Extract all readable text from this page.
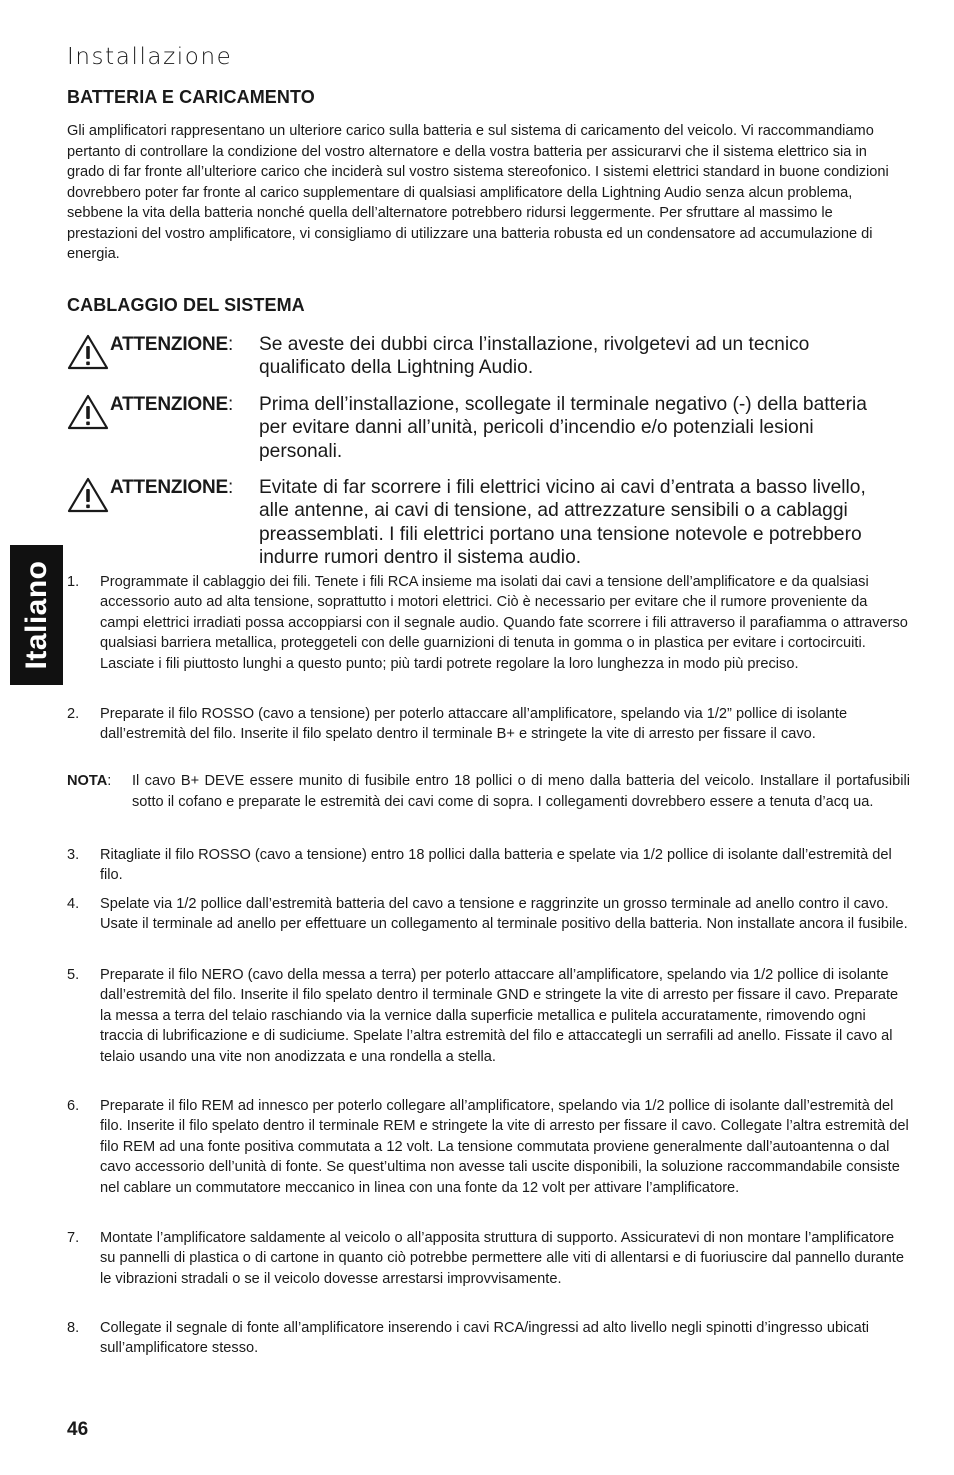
Installazione
BATTERIA E CARICAMENTO

Gli amplificatori rappresentano un ulteriore carico sulla batteria e sul sistema di caricamento del veicolo. Vi raccommandiamo pertanto di controllare la condizione del vostro alternatore e della vostra batteria per assicurarvi che il sistema elettrico sia in grado di far fronte all’ulteriore carico che inciderà sul vostro sistema stereofonico. I sistemi elettrici standard in buone condizioni dovrebbero poter far fronte al carico supplementare di qualsiasi amplificatore della Lightning Audio senza alcun problema, sebbene la vita della batteria nonché quella dell’alternatore potrebbero ridursi leggermente. Per sfruttare al massimo le prestazioni del vostro amplificatore, vi consigliamo di utilizzare una batteria robusta ed un condensatore ad accumulazione di energia.

CABLAGGIO DEL SISTEMA
ATTENZIONE: Se aveste dei dubbi circa l’installazione, rivolgetevi ad un tecnico qualificato della Lightning Audio.

ATTENZIONE: Prima dell’installazione, scollegate il terminale negativo (-) della batteria per evitare danni all’unità, pericoli d’incendio e/o potenziali lesioni personali.

ATTENZIONE: Evitate di far scorrere i fili elettrici vicino ai cavi d’entrata a basso livello, alle antenne, ai cavi di tensione, ad attrezzature sensibili o a cablaggi preassemblati. I fili elettrici portano una tensione notevole e potrebbero indurre rumori dentro il sistema audio.

Italiano 1. Programmate il cablaggio dei fili. Tenete i fili RCA insieme ma isolati dai cavi a tensione dell’amplificatore e da qualsiasi accessorio auto ad alta tensione, soprattutto i motori elettrici. Ciò è necessario per evitare che il rumore proveniente da campi elettrici irradiati possa accoppiarsi con il segnale audio. Quando fate scorrere i fili attraverso il parafiamma o attraverso qualsiasi barriera metallica, proteggeteli con delle guarnizioni di tenuta in gomma o in plastica per evitare i cortocircuiti. Lasciate i fili piuttosto lunghi a questo punto; più tardi potrete regolare la loro lunghezza in modo più preciso.

2. Preparate il filo ROSSO (cavo a tensione) per poterlo attaccare all’amplificatore, spelando via 1/2” pollice di isolante dall’estremità del filo. Inserite il filo spelato dentro il terminale B+ e stringete la vite di arresto per fissare il cavo.

NOTA: Il cavo B+ DEVE essere munito di fusibile entro 18 pollici o di meno dalla batteria del veicolo. Installare il portafusibili sotto il cofano e preparate le estremità dei cavi come di sopra. I collegamenti dovrebbero essere a tenuta d’acq ua.

3. Ritagliate il filo ROSSO (cavo a tensione) entro 18 pollici dalla batteria e spelate via 1/2 pollice di isolante dall’estremità del filo.

4. Spelate via 1/2 pollice dall’estremità batteria del cavo a tensione e raggrinzite un grosso terminale ad anello contro il cavo. Usate il terminale ad anello per effettuare un collegamento al terminale positivo della batteria. Non installate ancora il fusibile.

5. Preparate il filo NERO (cavo della messa a terra) per poterlo attaccare all’amplificatore, spelando via 1/2 pollice di isolante dall’estremità del filo. Inserite il filo spelato dentro il terminale GND e stringete la vite di arresto per fissare il cavo. Preparate la messa a terra del telaio raschiando via la vernice dalla superficie metallica e pulitela accuratamente, rimovendo ogni traccia di lubrificazione e di sudiciume. Spelate l’altra estremità del filo e attaccategli un serrafili ad anello. Fissate il cavo al telaio usando una vite non anodizzata e una rondella a stella.

6. Preparate il filo REM ad innesco per poterlo collegare all’amplificatore, spelando via 1/2 pollice di isolante dall’estremità del filo. Inserite il filo spelato dentro il terminale REM e stringete la vite di arresto per fissare il cavo. Collegate l’altra estremità del filo REM ad una fonte positiva commutata a 12 volt. La tensione commutata proviene generalmente dall’autoantenna o dal cavo accessorio dell’unità di fonte. Se quest’ultima non avesse tali uscite disponibili, la soluzione raccommandabile consiste nel cablare un commutatore meccanico in linea con una fonte da 12 volt per attivare l’amplificatore.

7. Montate l’amplificatore saldamente al veicolo o all’apposita struttura di supporto. Assicuratevi di non montare l’amplificatore su pannelli di plastica o di cartone in quanto ciò potrebbe permettere alle viti di allentarsi e di fuoriuscire dal pannello durante le vibrazioni stradali o se il veicolo dovesse arrestarsi improvvisamente.

8. Collegate il segnale di fonte all’amplificatore inserendo i cavi RCA/ingressi ad alto livello negli spinotti d’ingresso ubicati sull’amplificatore stesso.

46
